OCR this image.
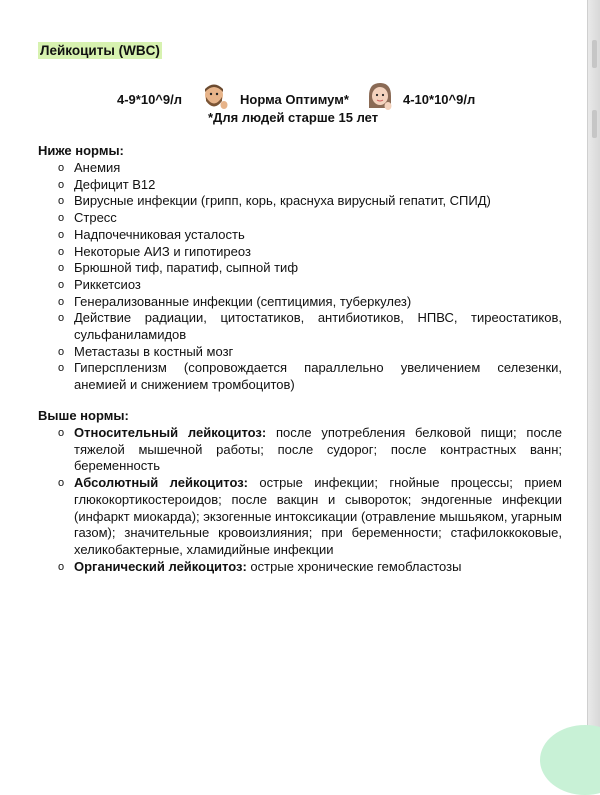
Лейкоциты (WBC)
4-9*10^9/л	Норма Оптимум*	4-10*10^9/л
*Для людей старше 15 лет
Ниже нормы:
o Анемия
o Дефицит В12
o Вирусные инфекции (грипп, корь, краснуха вирусный гепатит, СПИД)
o Стресс
o Надпочечниковая усталость
o Некоторые АИЗ и гипотиреоз
o Брюшной тиф, паратиф, сыпной тиф
o Риккетсиоз
o Генерализованные инфекции (септицимия, туберкулез)
o Действие радиации, цитостатиков, антибиотиков, НПВС, тиреостатиков, сульфаниламидов
o Метастазы в костный мозг
o Гиперспленизм (сопровождается параллельно увеличением селезенки, анемией и снижением тромбоцитов)
Выше нормы:
o Относительный лейкоцитоз: после употребления белковой пищи; после тяжелой мышечной работы; после судорог; после контрастных ванн; беременность
o Абсолютный лейкоцитоз: острые инфекции; гнойные процессы; прием глюкокортикостероидов; после вакцин и сывороток; эндогенные инфекции (инфаркт миокарда); экзогенные интоксикации (отравление мышьяком, угарным газом); значительные кровоизлияния; при беременности; стафилоккоковые, хеликобактерные, хламидийные инфекции
o Органический лейкоцитоз: острые хронические гемобластозы
